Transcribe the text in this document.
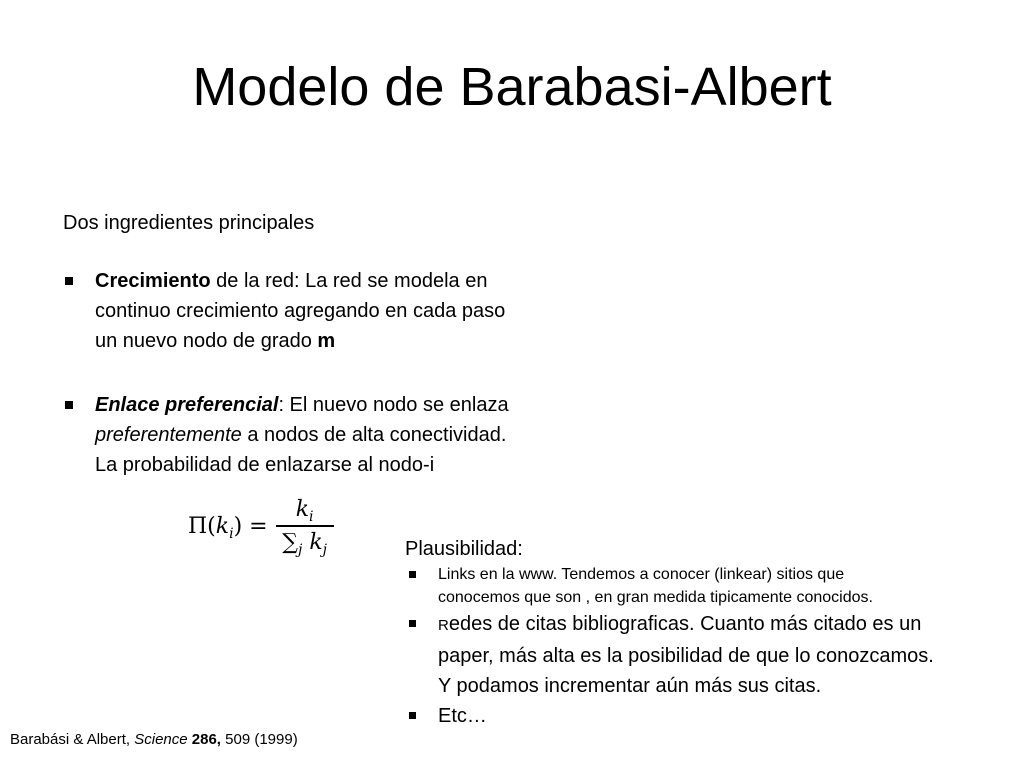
Modelo de Barabasi-Albert
Dos ingredientes principales
Crecimiento de la red: La red se modela en
continuo crecimiento agregando en cada paso
un nuevo nodo de grado m
Enlace preferencial: El nuevo nodo se enlaza
preferentemente a nodos de alta conectividad.
La probabilidad de enlazarse al nodo-i
$\Pi(k_i) = \frac{k_i}{\sum_j k_j}$	Plausibilidad:
Links en la www. Tendemos a conocer (linkear) sitios que
conocemos que son , en gran medida tipicamente conocidos.
Redes de citas bibliograficas. Cuanto más citado es un
paper, más alta es la posibilidad de que lo conozcamos.
Y podamos incrementar aún más sus citas.
Etc…
Barabási & Albert, Science 286, 509 (1999)
